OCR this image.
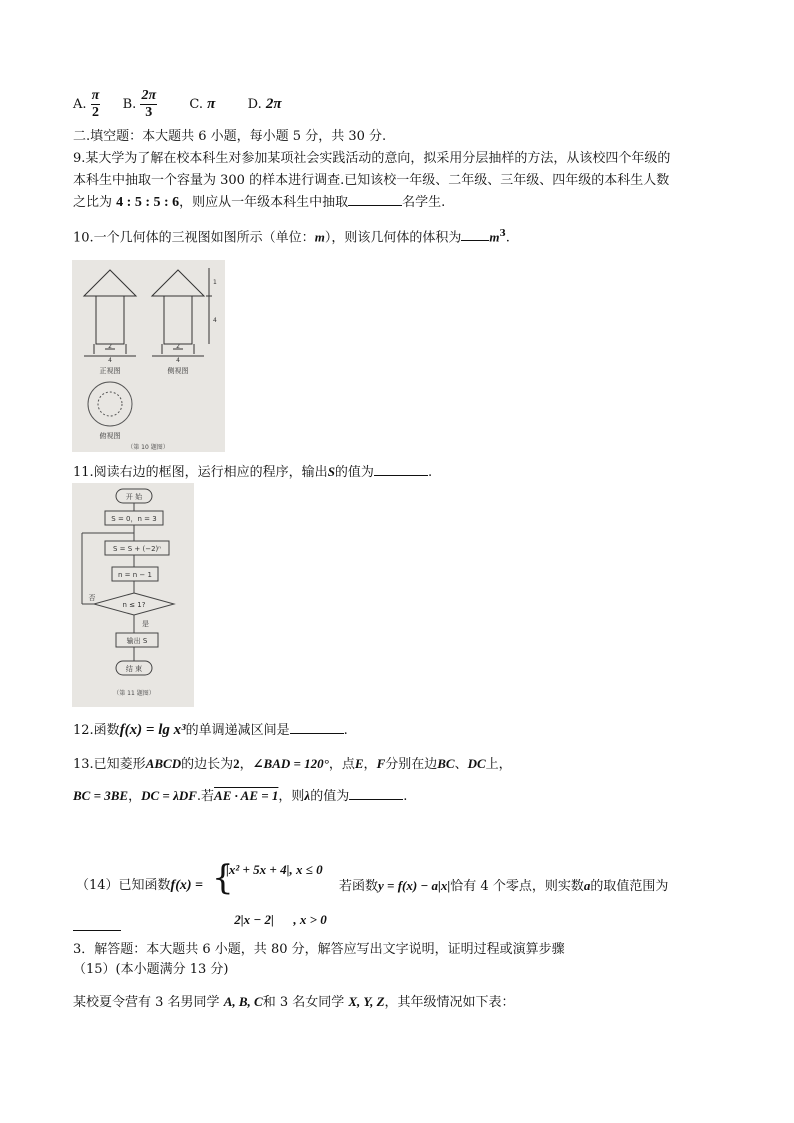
A. $\frac{\pi}{2} B$. $\frac{2\pi}{3} C$. π D. 2π
二.填空题：本大题共 6 小题，每小题 5 分，共 30 分.
9.某大学为了解在校本科生对参加某项社会实践活动的意向，拟采用分层抽样的方法，从该校四个年级的
本科生中抽取一个容量为 300 的样本进行调查.已知该校一年级、二年级、三年级、四年级的本科生人数
之比为 4 : 5 : 5 : 6，则应从一年级本科生中抽取	名学生.
10.一个几何体的三视图如图所示（单位：m），则该几何体的体积为 $m^3$.
2
4
正视图
2
4
1
4
侧视图
俯视图
（第 10 题图）
11.阅读右边的框图，运行相应的程序，输出S的值为	.
开 始
S = 0，n = 3
S = S + (−2)ⁿ
n = n − 1
n ≤ 1?
否
是
输出 S
结 束
（第 11 题图）
12.函数f(x) = lg x³的单调递减区间是	.
13.已知菱形ABCD的边长为2，∠BAD = 120°，点E，F分别在边BC、DC上，
BC = 3BE，DC = λDF.若AE · AE = 1，则λ的值为	.
（14）已知函数f(x) = {
|x² + 5x + 4|, x ≤ 0

2|x − 2|      , x > 0

若函数y = f(x) − a|x|恰有 4 个零点，则实数a的取值范围为
3．解答题：本大题共 6 小题，共 80 分，解答应写出文字说明，证明过程或演算步骤
（15）(本小题满分 13 分)
某校夏令营有 3 名男同学 A, B, C和 3 名女同学 X, Y, Z，其年级情况如下表：
